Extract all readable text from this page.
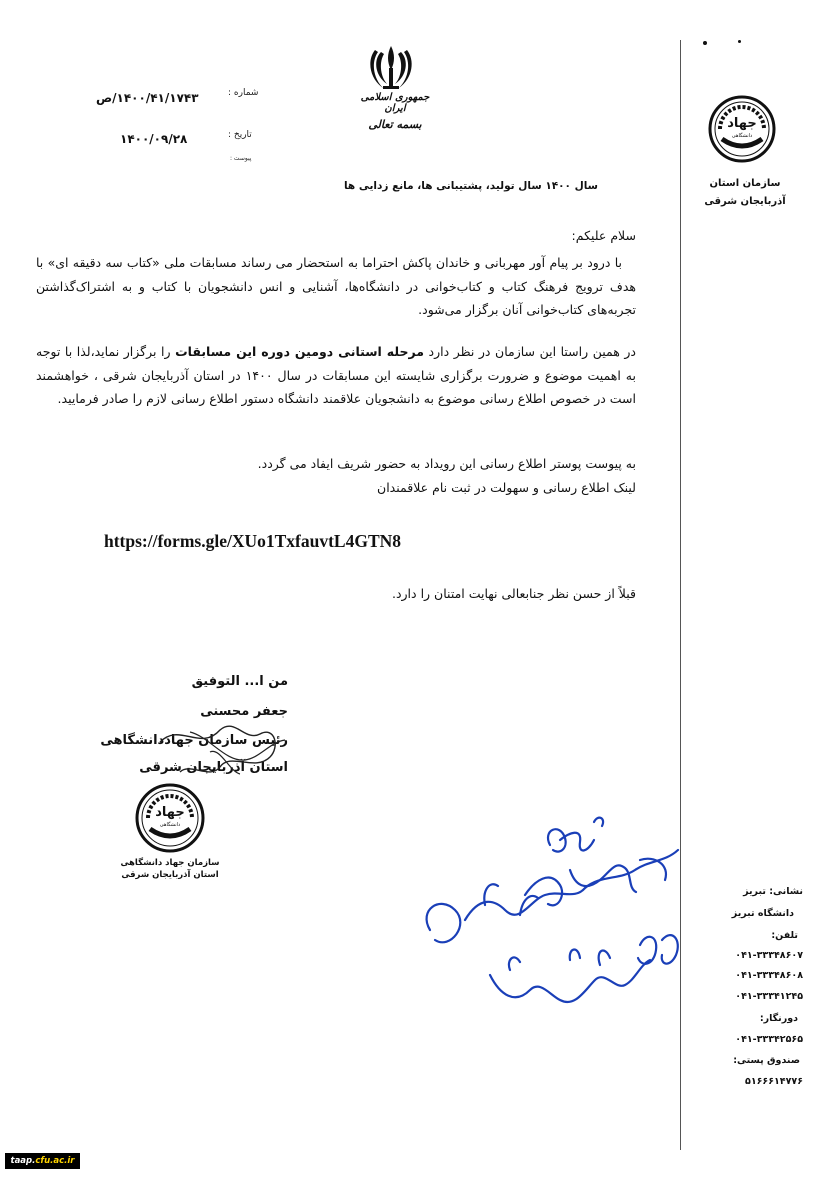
شماره :
۱۴۰۰/۴۱/۱۷۴۳/ص
تاریخ :
۱۴۰۰/۰۹/۲۸
پیوست :
جمهوری اسلامی ایران
بسمه تعالی	جهاد
دانشگاهی
سازمان استان
آذربایجان شرقی
سال ۱۴۰۰ سال تولید، پشتیبانی ها، مانع زدایی ها
سلام علیکم:
با درود بر پیام آور مهربانی و خاندان پاکش احتراما به استحضار می رساند مسابقات ملی «کتاب سه دقیقه ای» با هدف ترویج فرهنگ کتاب و کتاب‌خوانی در دانشگاه‌ها، آشنایی و انس دانشجویان با کتاب و به اشتراک‌گذاشتن تجربه‌های کتاب‌خوانی آنان برگزار می‌شود.
در همین راستا این سازمان در نظر دارد مرحله استانی دومین دوره این مسابقات را برگزار نماید،لذا با توجه به اهمیت موضوع و ضرورت برگزاری شایسته این مسابقات در سال ۱۴۰۰ در استان آذربایجان شرقی ، خواهشمند است در خصوص اطلاع رسانی موضوع به دانشجویان علاقمند دانشگاه دستور اطلاع رسانی لازم را صادر فرمایید.
به پیوست پوستر اطلاع رسانی این رویداد به حضور شریف ایفاد می گردد.
لینک اطلاع رسانی و سهولت در ثبت نام علاقمندان
https://forms.gle/XUo1TxfauvtL4GTN8
قبلاً از حسن نظر جنابعالی نهایت امتنان را دارد.
من ا... التوفیق
جعفر محسنی
رئیس سازمان جهاددانشگاهی
استان آذربایجان شرقی
جهاد
دانشگاهی
سازمان جهاد دانشگاهی
استان آذربایجان شرقی
نشانی: تبریز
دانشگاه تبریز
تلفن:
۰۴۱-۳۳۳۴۸۶۰۷
۰۴۱-۳۳۳۴۸۶۰۸
۰۴۱-۳۳۳۴۱۲۴۵
دورنگار:
۰۴۱-۳۳۳۴۲۵۶۵
صندوق پستی:
۵۱۶۶۶۱۴۷۷۶
taap.cfu.ac.ir
